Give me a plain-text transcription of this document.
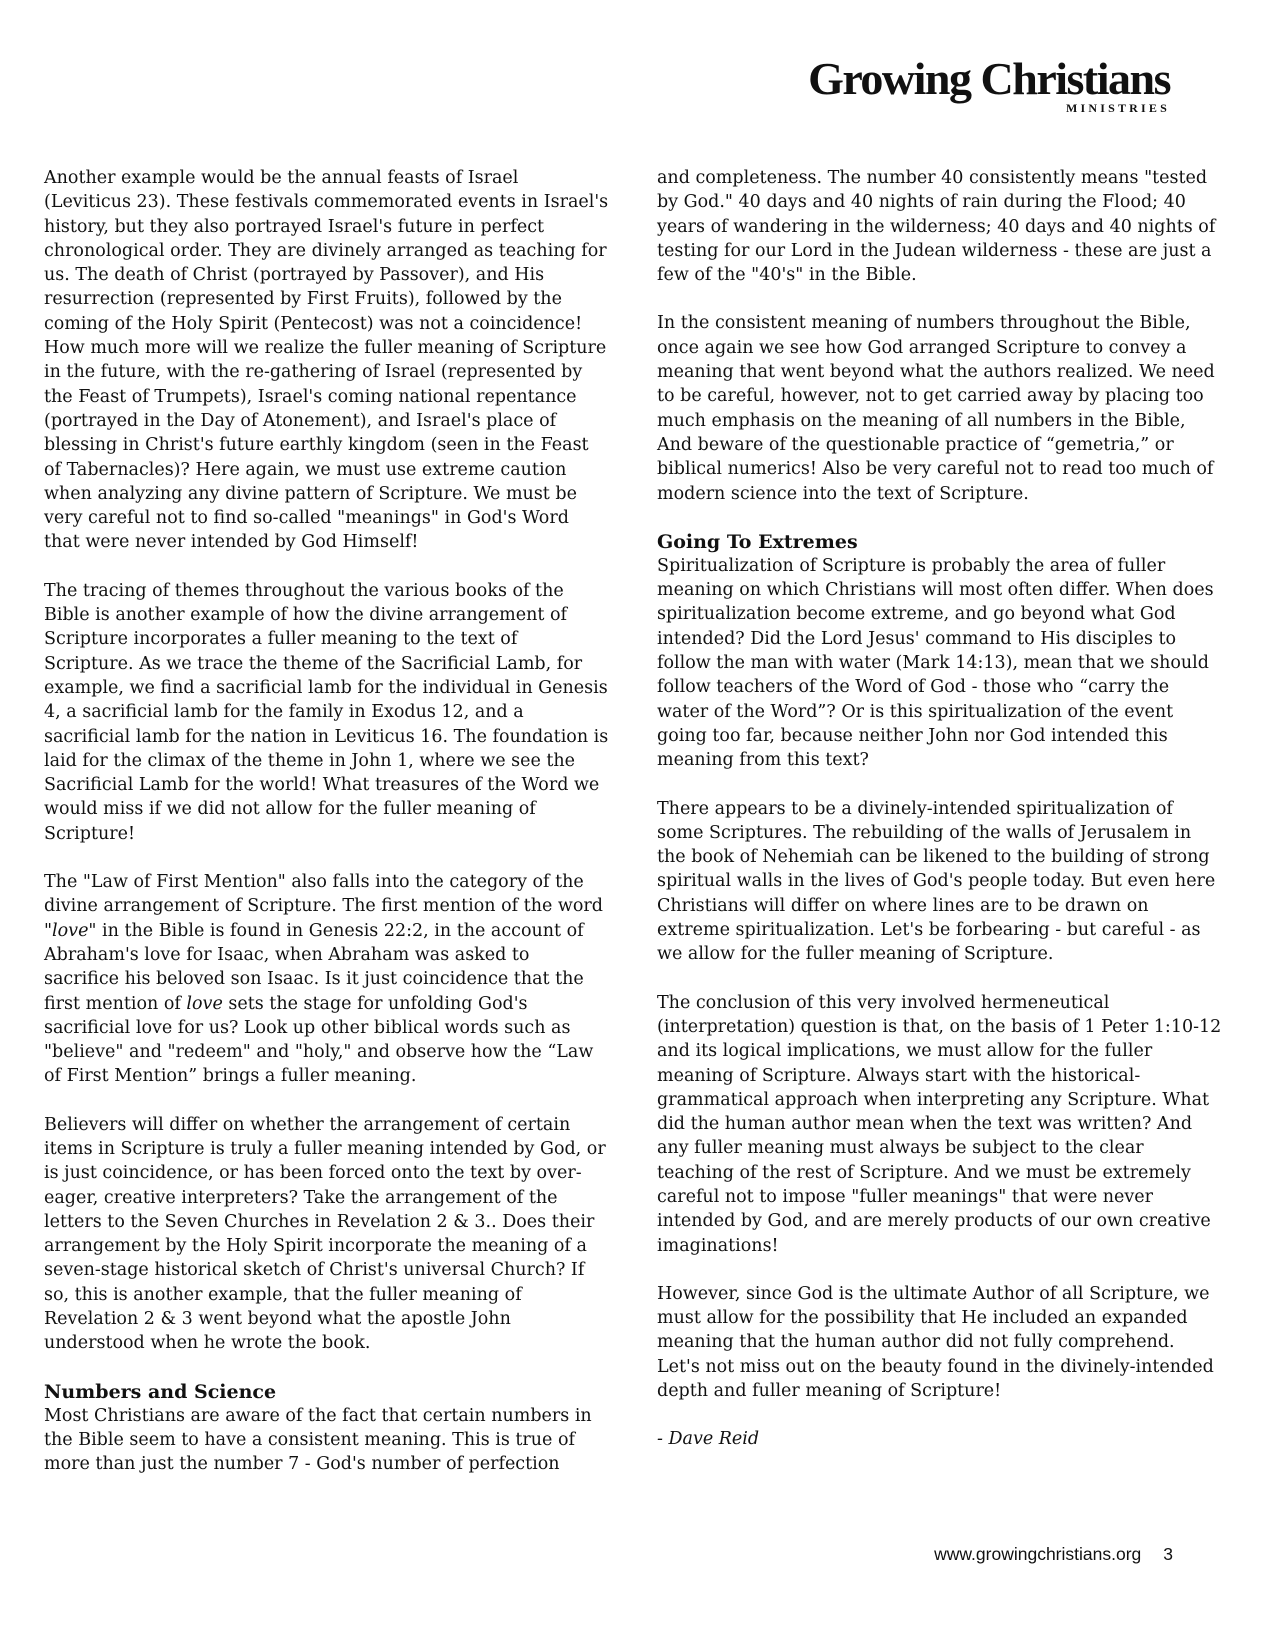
Growing Christians
MINISTRIES

Another example would be the annual feasts of Israel (Leviticus 23). These festivals commemorated events in Israel's history, but they also portrayed Israel's future in perfect chronological order. They are divinely arranged as teaching for us. The death of Christ (portrayed by Passover), and His resurrection (represented by First Fruits), followed by the coming of the Holy Spirit (Pentecost) was not a coincidence! How much more will we realize the fuller meaning of Scripture in the future, with the re-gathering of Israel (represented by the Feast of Trumpets), Israel's coming national repentance (portrayed in the Day of Atonement), and Israel's place of blessing in Christ's future earthly kingdom (seen in the Feast of Tabernacles)? Here again, we must use extreme caution when analyzing any divine pattern of Scripture. We must be very careful not to find so-called "meanings" in God's Word that were never intended by God Himself!

The tracing of themes throughout the various books of the Bible is another example of how the divine arrangement of Scripture incorporates a fuller meaning to the text of Scripture. As we trace the theme of the Sacrificial Lamb, for example, we find a sacrificial lamb for the individual in Genesis 4, a sacrificial lamb for the family in Exodus 12, and a sacrificial lamb for the nation in Leviticus 16. The foundation is laid for the climax of the theme in John 1, where we see the Sacrificial Lamb for the world! What treasures of the Word we would miss if we did not allow for the fuller meaning of Scripture!

The "Law of First Mention" also falls into the category of the divine arrangement of Scripture. The first mention of the word "love" in the Bible is found in Genesis 22:2, in the account of Abraham's love for Isaac, when Abraham was asked to sacrifice his beloved son Isaac. Is it just coincidence that the first mention of love sets the stage for unfolding God's sacrificial love for us? Look up other biblical words such as "believe" and "redeem" and "holy," and observe how the “Law of First Mention” brings a fuller meaning.

Believers will differ on whether the arrangement of certain items in Scripture is truly a fuller meaning intended by God, or is just coincidence, or has been forced onto the text by over-eager, creative interpreters? Take the arrangement of the letters to the Seven Churches in Revelation 2 & 3.. Does their arrangement by the Holy Spirit incorporate the meaning of a seven-stage historical sketch of Christ's universal Church? If so, this is another example, that the fuller meaning of Revelation 2 & 3 went beyond what the apostle John understood when he wrote the book.

Numbers and Science

Most Christians are aware of the fact that certain numbers in the Bible seem to have a consistent meaning. This is true of more than just the number 7 - God's number of perfection

and completeness. The number 40 consistently means "tested by God." 40 days and 40 nights of rain during the Flood; 40 years of wandering in the wilderness; 40 days and 40 nights of testing for our Lord in the Judean wilderness - these are just a few of the "40's" in the Bible.

In the consistent meaning of numbers throughout the Bible, once again we see how God arranged Scripture to convey a meaning that went beyond what the authors realized. We need to be careful, however, not to get carried away by placing too much emphasis on the meaning of all numbers in the Bible, And beware of the questionable practice of “gemetria,” or biblical numerics! Also be very careful not to read too much of modern science into the text of Scripture.

Going To Extremes

Spiritualization of Scripture is probably the area of fuller meaning on which Christians will most often differ. When does spiritualization become extreme, and go beyond what God intended? Did the Lord Jesus' command to His disciples to follow the man with water (Mark 14:13), mean that we should follow teachers of the Word of God - those who “carry the water of the Word”? Or is this spiritualization of the event going too far, because neither John nor God intended this meaning from this text?

There appears to be a divinely-intended spiritualization of some Scriptures. The rebuilding of the walls of Jerusalem in the book of Nehemiah can be likened to the building of strong spiritual walls in the lives of God's people today. But even here Christians will differ on where lines are to be drawn on extreme spiritualization. Let's be forbearing - but careful - as we allow for the fuller meaning of Scripture.

The conclusion of this very involved hermeneutical (interpretation) question is that, on the basis of 1 Peter 1:10-12 and its logical implications, we must allow for the fuller meaning of Scripture. Always start with the historical-grammatical approach when interpreting any Scripture. What did the human author mean when the text was written? And any fuller meaning must always be subject to the clear teaching of the rest of Scripture. And we must be extremely careful not to impose "fuller meanings" that were never intended by God, and are merely products of our own creative imaginations!

However, since God is the ultimate Author of all Scripture, we must allow for the possibility that He included an expanded meaning that the human author did not fully comprehend. Let's not miss out on the beauty found in the divinely-intended depth and fuller meaning of Scripture!

- Dave Reid

www.growingchristians.org 3
